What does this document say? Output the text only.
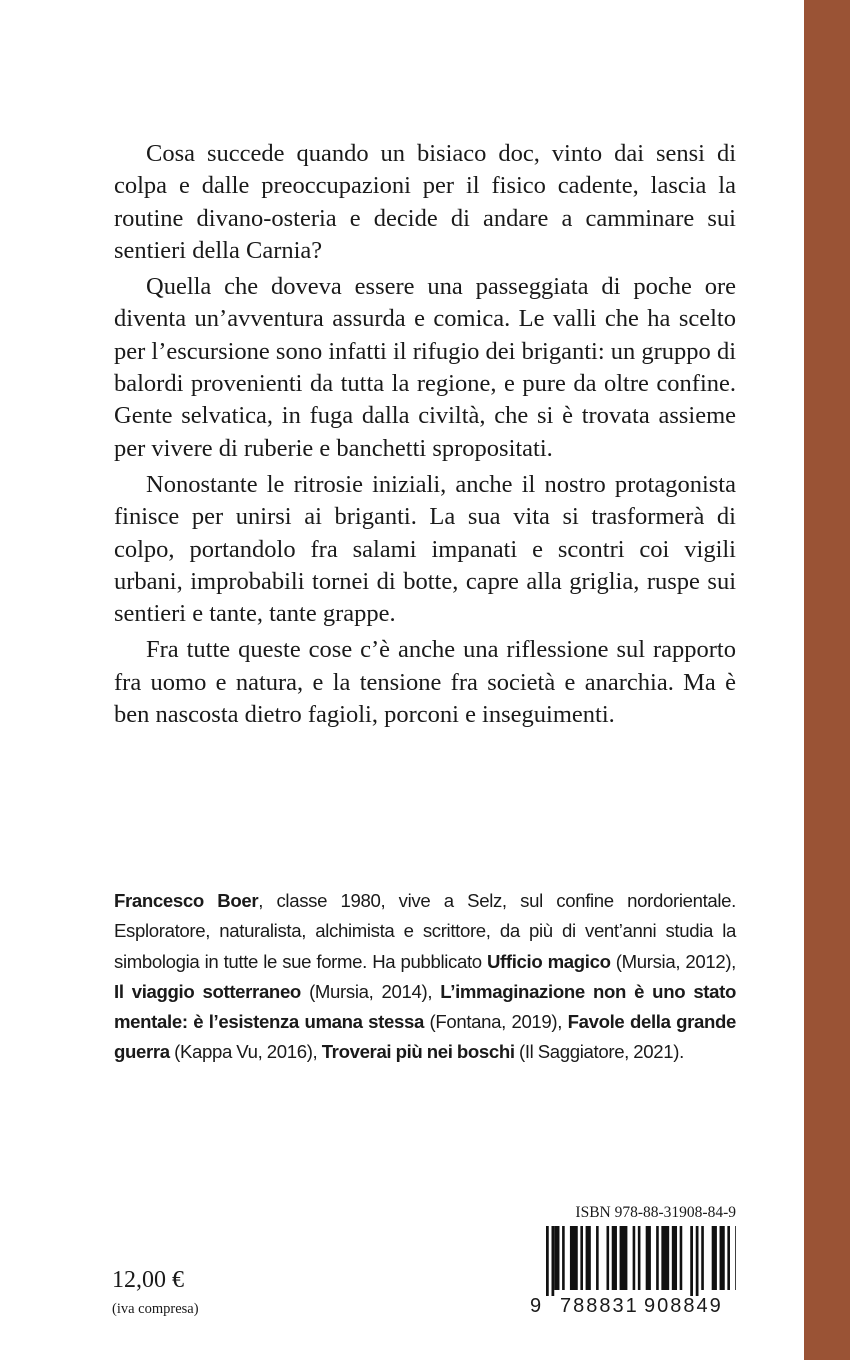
Cosa succede quando un bisiaco doc, vinto dai sensi di colpa e dalle preoccupazioni per il fisico cadente, lascia la routine divano-osteria e decide di andare a camminare sui sentieri della Carnia?

Quella che doveva essere una passeggiata di poche ore diventa un’avventura assurda e comica. Le valli che ha scelto per l’escursione sono infatti il rifugio dei briganti: un gruppo di balordi provenienti da tutta la regione, e pure da oltre confine. Gente selvatica, in fuga dalla civiltà, che si è trovata assieme per vivere di ruberie e banchetti spropositati.

Nonostante le ritrosie iniziali, anche il nostro protagonista finisce per unirsi ai briganti. La sua vita si trasformerà di colpo, portandolo fra salami impanati e scontri coi vigili urbani, improbabili tornei di botte, capre alla griglia, ruspe sui sentieri e tante, tante grappe.

Fra tutte queste cose c’è anche una riflessione sul rapporto fra uomo e natura, e la tensione fra società e anarchia. Ma è ben nascosta dietro fagioli, porconi e inseguimenti.

Francesco Boer, classe 1980, vive a Selz, sul confine nordorientale. Esploratore, naturalista, alchimista e scrittore, da più di vent’anni studia la simbologia in tutte le sue forme. Ha pubblicato Ufficio magico (Mursia, 2012), Il viaggio sotterraneo (Mursia, 2014), L’immaginazione non è uno stato mentale: è l’esistenza umana stessa (Fontana, 2019), Favole della grande guerra (Kappa Vu, 2016), Troverai più nei boschi (Il Saggiatore, 2021).
ISBN 978-88-31908-84-9
9 788831 908849
12,00 €
(iva compresa)
